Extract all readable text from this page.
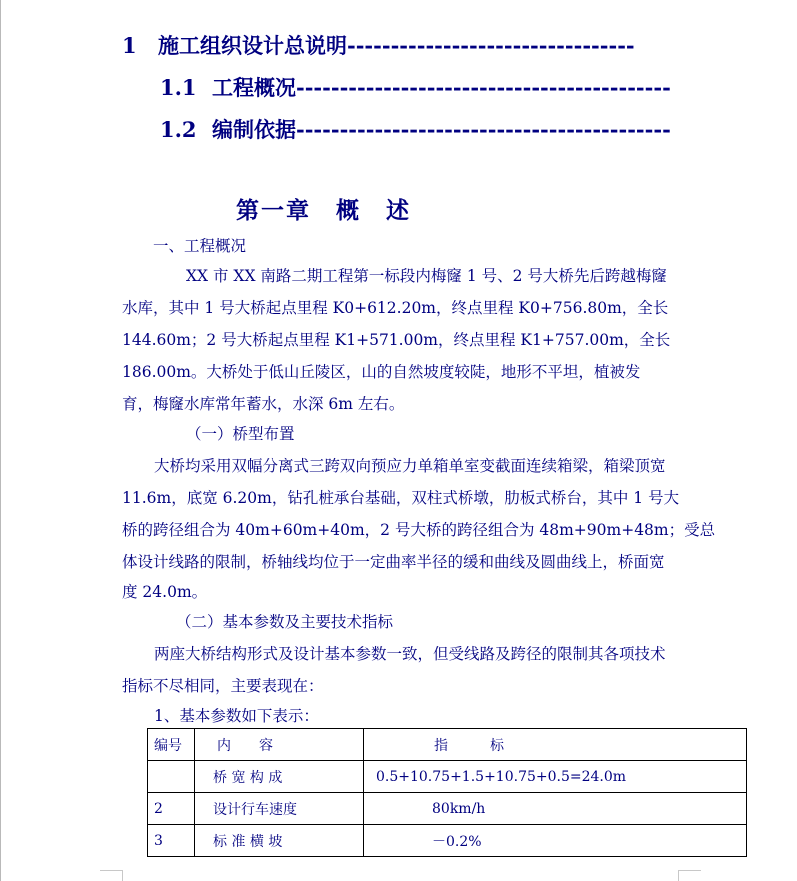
1 施工组织设计总说明---------------------------------
1.1 工程概况-------------------------------------------
1.2 编制依据-------------------------------------------
第一章　概　述
一、工程概况
XX 市 XX 南路二期工程第一标段内梅窿 1 号、2 号大桥先后跨越梅窿
水库，其中 1 号大桥起点里程 K0+612.20m，终点里程 K0+756.80m，全长
144.60m；2 号大桥起点里程 K1+571.00m，终点里程 K1+757.00m，全长
186.00m。大桥处于低山丘陵区，山的自然坡度较陡，地形不平坦，植被发
育，梅窿水库常年蓄水，水深 6m 左右。
（一）桥型布置
大桥均采用双幅分离式三跨双向预应力单箱单室变截面连续箱梁，箱梁顶宽
11.6m，底宽 6.20m，钻孔桩承台基础，双柱式桥墩，肋板式桥台，其中 1 号大
桥的跨径组合为 40m+60m+40m，2 号大桥的跨径组合为 48m+90m+48m；受总
体设计线路的限制，桥轴线均位于一定曲率半径的缓和曲线及圆曲线上，桥面宽
度 24.0m。
（二）基本参数及主要技术指标
两座大桥结构形式及设计基本参数一致，但受线路及跨径的限制其各项技术
指标不尽相同，主要表现在：
1、基本参数如下表示：
编号	内　　容	指　　　标
	桥 宽 构 成	0.5+10.75+1.5+10.75+0.5=24.0m
2	设计行车速度	80km/h
3	标 准 横 坡	－0.2%
